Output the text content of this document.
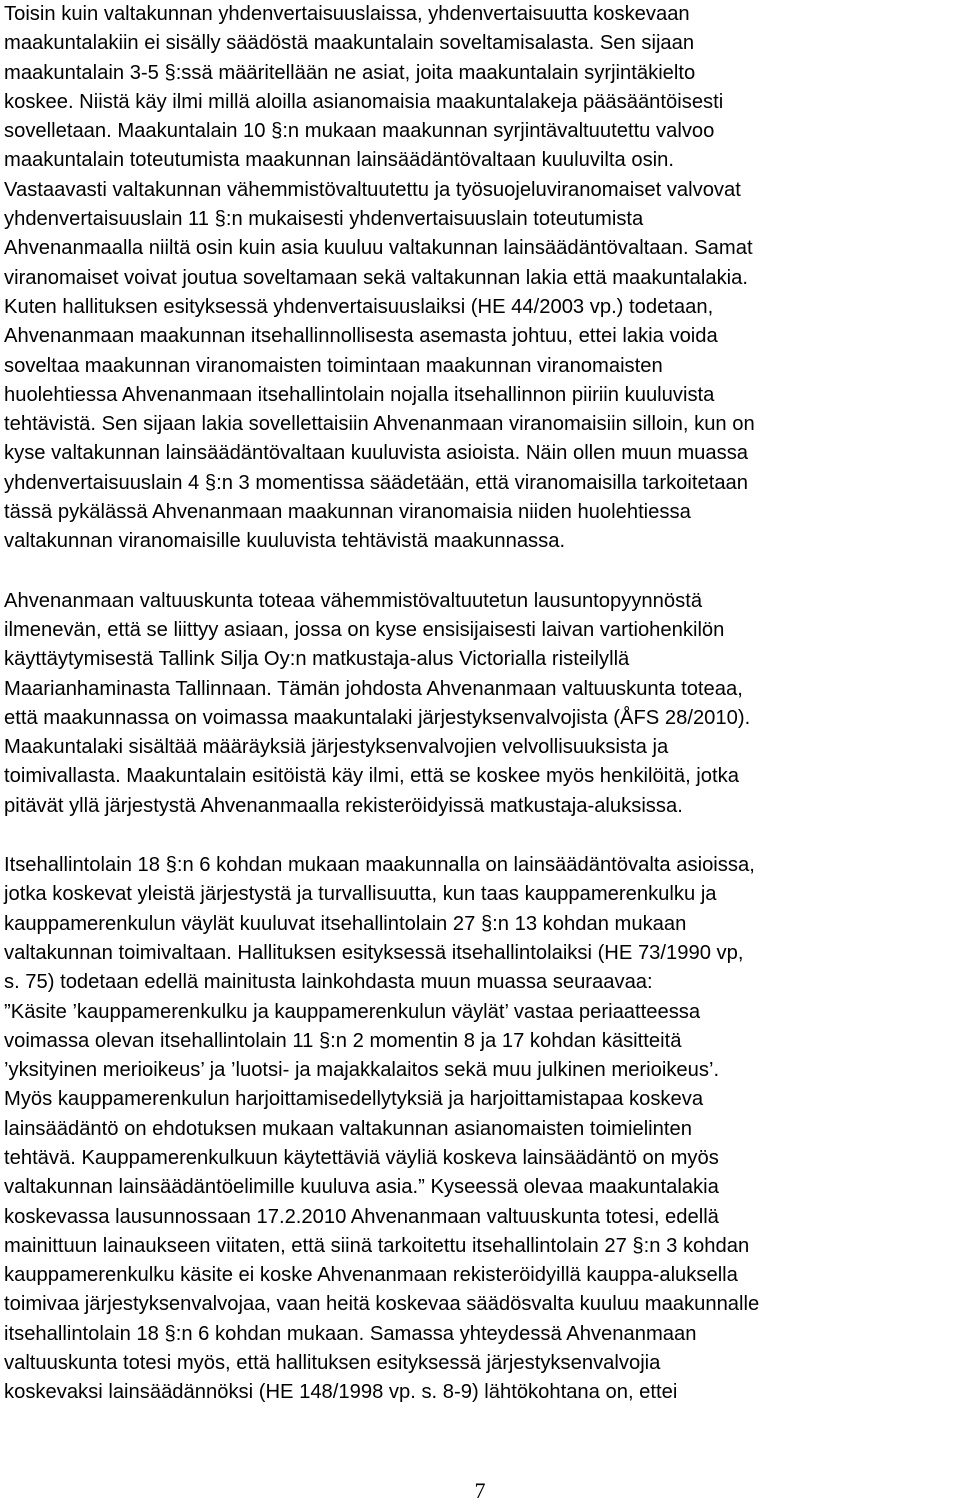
Toisin kuin valtakunnan yhdenvertaisuuslaissa, yhdenvertaisuutta koskevaan
maakuntalakiin ei sisälly säädöstä maakuntalain soveltamisalasta. Sen sijaan
maakuntalain 3-5 §:ssä määritellään ne asiat, joita maakuntalain syrjintäkielto
koskee. Niistä käy ilmi millä aloilla asianomaisia maakuntalakeja pääsääntöisesti
sovelletaan. Maakuntalain 10 §:n mukaan maakunnan syrjintävaltuutettu valvoo
maakuntalain toteutumista maakunnan lainsäädäntövaltaan kuuluvilta osin.
Vastaavasti valtakunnan vähemmistövaltuutettu ja työsuojeluviranomaiset valvovat
yhdenvertaisuuslain 11 §:n mukaisesti yhdenvertaisuuslain toteutumista
Ahvenanmaalla niiltä osin kuin asia kuuluu valtakunnan lainsäädäntövaltaan. Samat
viranomaiset voivat joutua soveltamaan sekä valtakunnan lakia että maakuntalakia.
Kuten hallituksen esityksessä yhdenvertaisuuslaiksi (HE 44/2003 vp.) todetaan,
Ahvenanmaan maakunnan itsehallinnollisesta asemasta johtuu, ettei lakia voida
soveltaa maakunnan viranomaisten toimintaan maakunnan viranomaisten
huolehtiessa Ahvenanmaan itsehallintolain nojalla itsehallinnon piiriin kuuluvista
tehtävistä. Sen sijaan lakia sovellettaisiin Ahvenanmaan viranomaisiin silloin, kun on
kyse valtakunnan lainsäädäntövaltaan kuuluvista asioista. Näin ollen muun muassa
yhdenvertaisuuslain 4 §:n 3 momentissa säädetään, että viranomaisilla tarkoitetaan
tässä pykälässä Ahvenanmaan maakunnan viranomaisia niiden huolehtiessa
valtakunnan viranomaisille kuuluvista tehtävistä maakunnassa.
Ahvenanmaan valtuuskunta toteaa vähemmistövaltuutetun lausuntopyynnöstä
ilmenevän, että se liittyy asiaan, jossa on kyse ensisijaisesti laivan vartiohenkilön
käyttäytymisestä Tallink Silja Oy:n matkustaja-alus Victorialla risteilyllä
Maarianhaminasta Tallinnaan. Tämän johdosta Ahvenanmaan valtuuskunta toteaa,
että maakunnassa on voimassa maakuntalaki järjestyksenvalvojista (ÅFS 28/2010).
Maakuntalaki sisältää määräyksiä järjestyksenvalvojien velvollisuuksista ja
toimivallasta. Maakuntalain esitöistä käy ilmi, että se koskee myös henkilöitä, jotka
pitävät yllä järjestystä Ahvenanmaalla rekisteröidyissä matkustaja-aluksissa.
Itsehallintolain 18 §:n 6 kohdan mukaan maakunnalla on lainsäädäntövalta asioissa,
jotka koskevat yleistä järjestystä ja turvallisuutta, kun taas kauppamerenkulku ja
kauppamerenkulun väylät kuuluvat itsehallintolain 27 §:n 13 kohdan mukaan
valtakunnan toimivaltaan. Hallituksen esityksessä itsehallintolaiksi (HE 73/1990 vp,
s. 75) todetaan edellä mainitusta lainkohdasta muun muassa seuraavaa:
”Käsite ’kauppamerenkulku ja kauppamerenkulun väylät’ vastaa periaatteessa
voimassa olevan itsehallintolain 11 §:n 2 momentin 8 ja 17 kohdan käsitteitä
’yksityinen merioikeus’ ja ’luotsi- ja majakkalaitos sekä muu julkinen merioikeus’.
Myös kauppamerenkulun harjoittamisedellytyksiä ja harjoittamistapaa koskeva
lainsäädäntö on ehdotuksen mukaan valtakunnan asianomaisten toimielinten
tehtävä. Kauppamerenkulkuun käytettäviä väyliä koskeva lainsäädäntö on myös
valtakunnan lainsäädäntöelimille kuuluva asia.” Kyseessä olevaa maakuntalakia
koskevassa lausunnossaan 17.2.2010 Ahvenanmaan valtuuskunta totesi, edellä
mainittuun lainaukseen viitaten, että siinä tarkoitettu itsehallintolain 27 §:n 3 kohdan
kauppamerenkulku käsite ei koske Ahvenanmaan rekisteröidyillä kauppa-aluksella
toimivaa järjestyksenvalvojaa, vaan heitä koskevaa säädösvalta kuuluu maakunnalle
itsehallintolain 18 §:n 6 kohdan mukaan. Samassa yhteydessä Ahvenanmaan
valtuuskunta totesi myös, että hallituksen esityksessä järjestyksenvalvojia
koskevaksi lainsäädännöksi (HE 148/1998 vp. s. 8-9) lähtökohtana on, ettei
7
